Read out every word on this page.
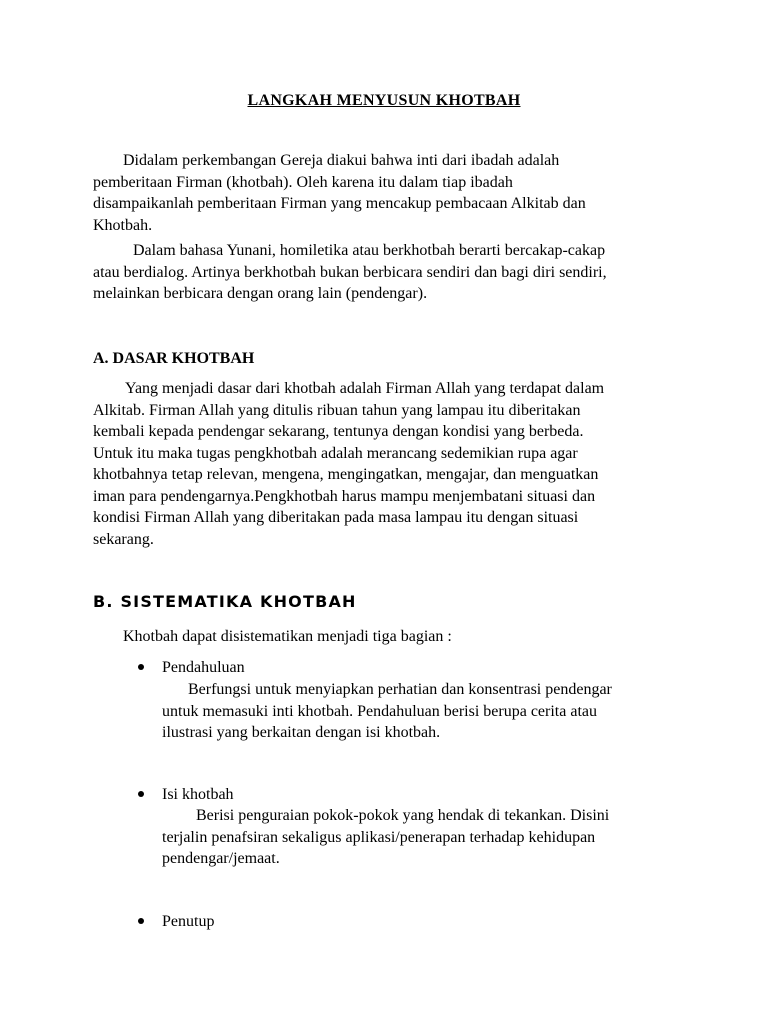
LANGKAH MENYUSUN KHOTBAH
Didalam perkembangan Gereja diakui bahwa inti dari ibadah adalah
pemberitaan Firman (khotbah). Oleh karena itu dalam tiap ibadah
disampaikanlah pemberitaan Firman yang mencakup pembacaan Alkitab dan
Khotbah.
Dalam bahasa Yunani, homiletika atau berkhotbah berarti bercakap-cakap
atau berdialog. Artinya berkhotbah bukan berbicara sendiri dan bagi diri sendiri,
melainkan berbicara dengan orang lain (pendengar).
A. DASAR KHOTBAH
Yang menjadi dasar dari khotbah adalah Firman Allah yang terdapat dalam
Alkitab. Firman Allah yang ditulis ribuan tahun yang lampau itu diberitakan
kembali kepada pendengar sekarang, tentunya dengan kondisi yang berbeda.
Untuk itu maka tugas pengkhotbah adalah merancang sedemikian rupa agar
khotbahnya tetap relevan, mengena, mengingatkan, mengajar, dan menguatkan
iman para pendengarnya.Pengkhotbah harus mampu menjembatani situasi dan
kondisi Firman Allah yang diberitakan pada masa lampau itu dengan situasi
sekarang.
B. SISTEMATIKA KHOTBAH
Khotbah dapat disistematikan menjadi tiga bagian :
Pendahuluan
Berfungsi untuk menyiapkan perhatian dan konsentrasi pendengar
untuk memasuki inti khotbah. Pendahuluan berisi berupa cerita atau
ilustrasi yang berkaitan dengan isi khotbah.
Isi khotbah
Berisi penguraian pokok-pokok yang hendak di tekankan. Disini
terjalin penafsiran sekaligus aplikasi/penerapan terhadap kehidupan
pendengar/jemaat.
Penutup
